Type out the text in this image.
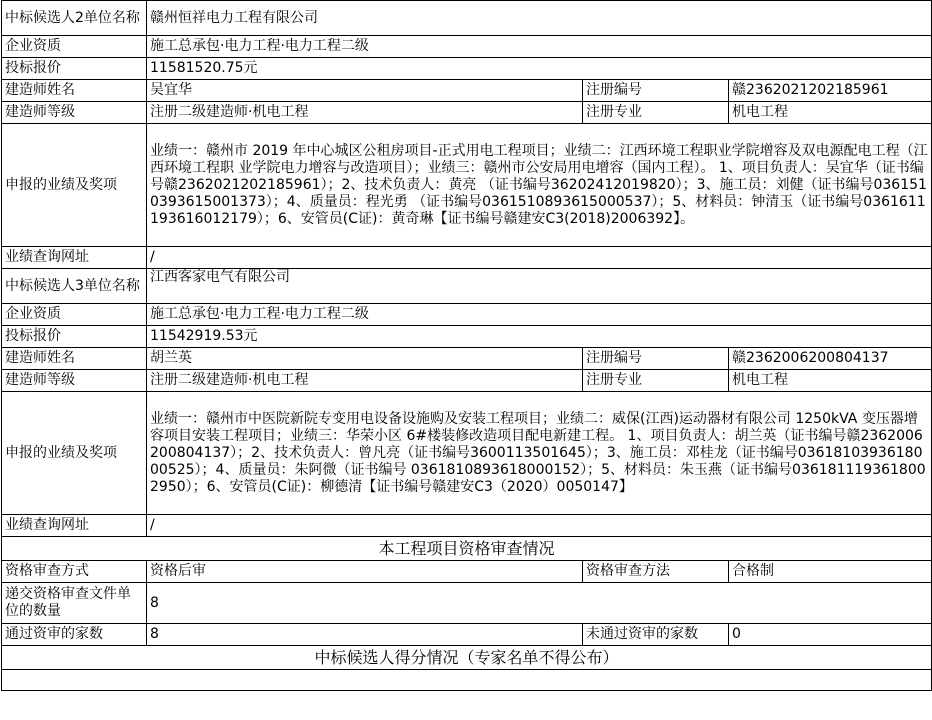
中标候选人2单位名称	赣州恒祥电力工程有限公司		
企业资质	施工总承包·电力工程·电力工程二级		
投标报价	11581520.75元		
建造师姓名	吴宜华	注册编号	赣2362021202185961
建造师等级	注册二级建造师·机电工程	注册专业	机电工程
申报的业绩及奖项	业绩一：赣州市 2019 年中心城区公租房项目-正式用电工程项目；业绩二：江西环境工程职业学院增容及双电源配电工程（江西环境工程职 业学院电力增容与改造项目）；业绩三：赣州市公安局用电增容（国内工程）。 1、项目负责人：吴宜华（证书编号赣2362021202185961）；2、技术负责人：黄亮 （证书编号36202412019820）；3、施工员：刘健（证书编号0361510393615001373）；4、质量员：程光勇 （证书编号0361510893615000537）；5、材料员：钟清玉（证书编号0361611193616012179）；6、安管员(C证)：黄奇琳【证书编号赣建安C3(2018)2006392】。		
业绩查询网址	/		
中标候选人3单位名称	江西客家电气有限公司		
企业资质	施工总承包·电力工程·电力工程二级		
投标报价	11542919.53元		
建造师姓名	胡兰英	注册编号	赣2362006200804137
建造师等级	注册二级建造师·机电工程	注册专业	机电工程
申报的业绩及奖项	业绩一：赣州市中医院新院专变用电设备设施购及安装工程项目；业绩二：威保(江西)运动器材有限公司 1250kVA 变压器增容项目安装工程项目；业绩三：华荣小区 6#楼装修改造项目配电新建工程。 1、项目负责人：胡兰英（证书编号赣2362006200804137）；2、技术负责人：曾凡亮（证书编号3600113501645）；3、施工员：邓桂龙（证书编号0361810393618000525）；4、质量员：朱阿微（证书编号 0361810893618000152）；5、材料员：朱玉燕（证书编号0361811193618002950）；6、安管员(C证)：柳德清【证书编号赣建安C3（2020）0050147】		
业绩查询网址	/		
本工程项目资格审查情况			
资格审查方式	资格后审	资格审查方法	合格制
递交资格审查文件单位的数量	8		
通过资审的家数	8	未通过资审的家数	0
中标候选人得分情况（专家名单不得公布）			
